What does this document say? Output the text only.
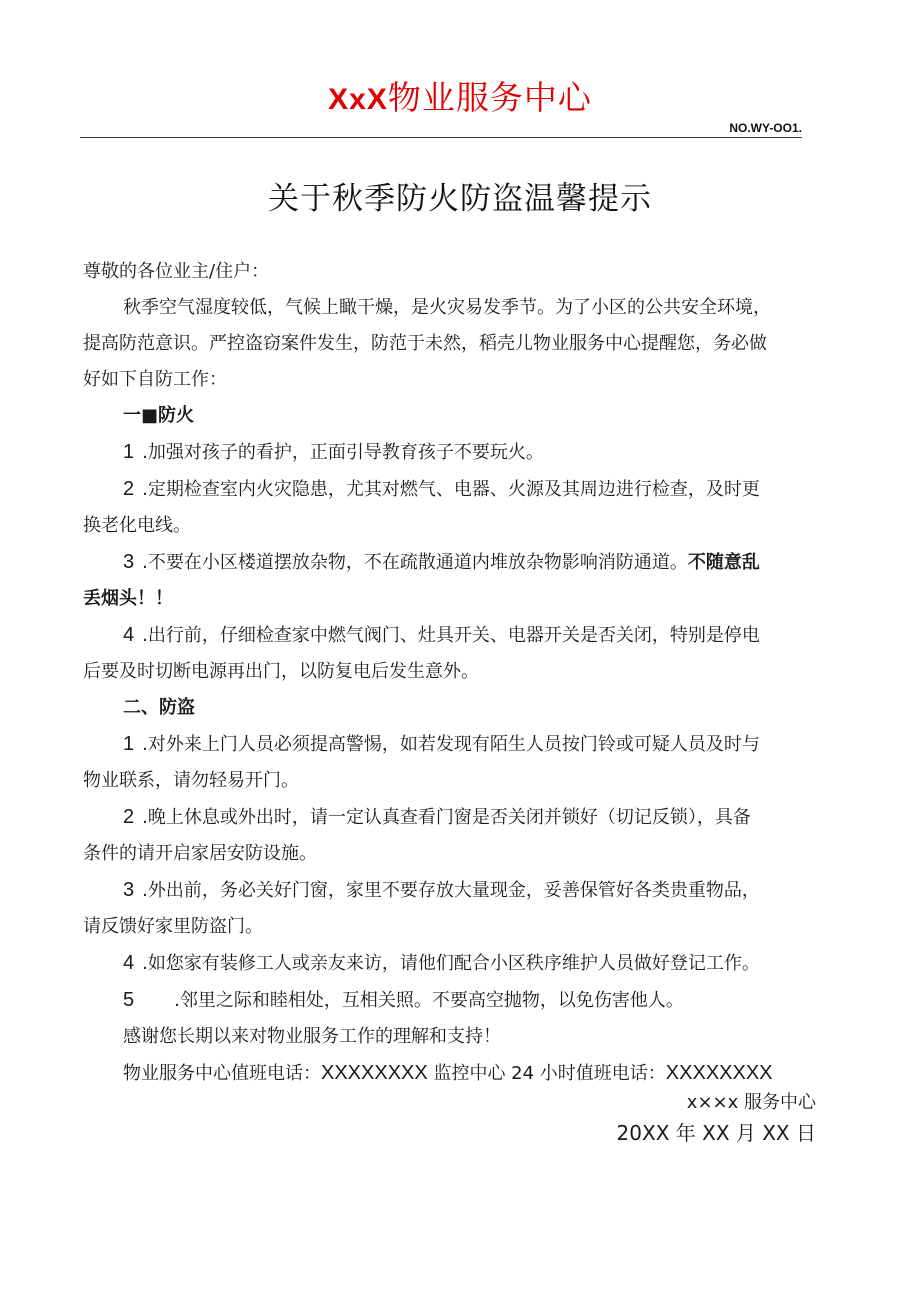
XxX物业服务中心
NO.WY-OO1.
关于秋季防火防盗温馨提示

尊敬的各位业主/住户：

秋季空气湿度较低，气候上瞰干燥，是火灾易发季节。为了小区的公共安全环境，

提高防范意识。严控盗窃案件发生，防范于未然，稻壳儿物业服务中心提醒您，务必做

好如下自防工作：

一■防火

1 .加强对孩子的看护，正面引导教育孩子不要玩火。

2 .定期检查室内火灾隐患，尤其对燃气、电器、火源及其周边进行检查，及时更

换老化电线。

3 .不要在小区楼道摆放杂物，不在疏散通道内堆放杂物影响消防通道。不随意乱

丢烟头！！

4 .出行前，仔细检查家中燃气阀门、灶具开关、电器开关是否关闭，特别是停电

后要及时切断电源再出门，以防复电后发生意外。

二、防盗

1 .对外来上门人员必须提高警惕，如若发现有陌生人员按门铃或可疑人员及时与

物业联系，请勿轻易开门。

2 .晚上休息或外出时，请一定认真查看门窗是否关闭并锁好（切记反锁），具备

条件的请开启家居安防设施。

3 .外出前，务必关好门窗，家里不要存放大量现金，妥善保管好各类贵重物品，

请反馈好家里防盗门。

4 .如您家有装修工人或亲友来访，请他们配合小区秩序维护人员做好登记工作。

5 .邻里之际和睦相处，互相关照。不要高空抛物，以免伤害他人。

感谢您长期以来对物业服务工作的理解和支持！

物业服务中心值班电话：XXXXXXXX 监控中心 24 小时值班电话：XXXXXXXX

x××x 服务中心
20XX 年 XX 月 XX 日
